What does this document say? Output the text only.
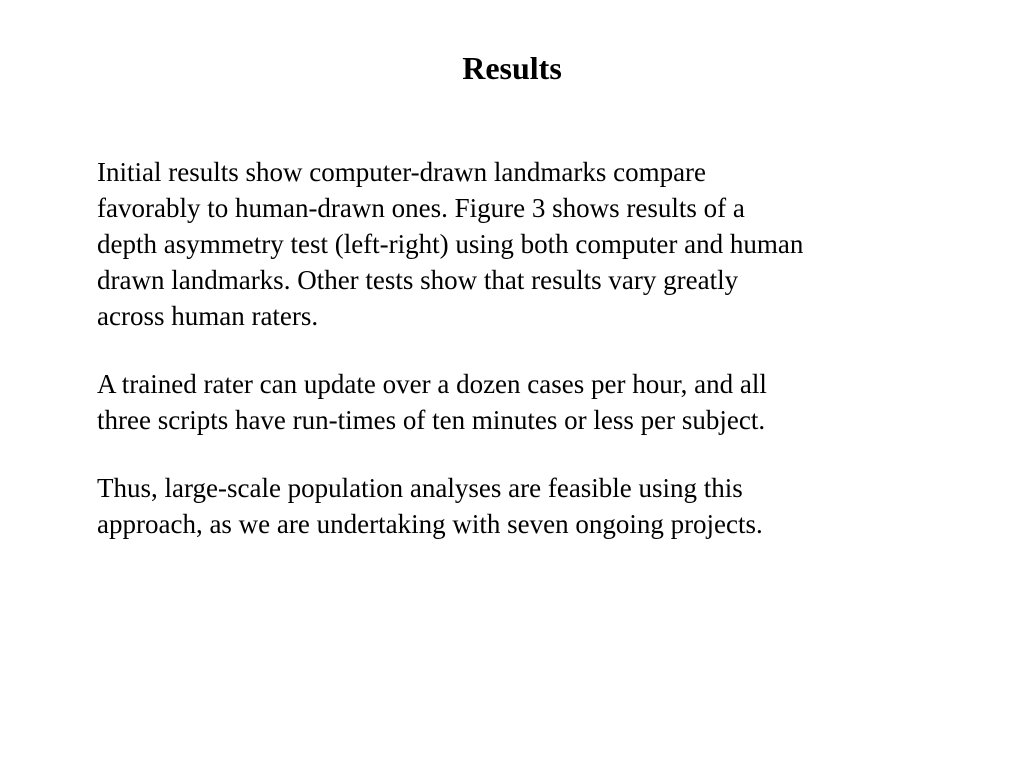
Results

Initial results show computer-drawn landmarks compare
favorably to human-drawn ones. Figure 3 shows results of a
depth asymmetry test (left-right) using both computer and human
drawn landmarks. Other tests show that results vary greatly
across human raters.

A trained rater can update over a dozen cases per hour, and all
three scripts have run-times of ten minutes or less per subject.

Thus, large-scale population analyses are feasible using this
approach, as we are undertaking with seven ongoing projects.
